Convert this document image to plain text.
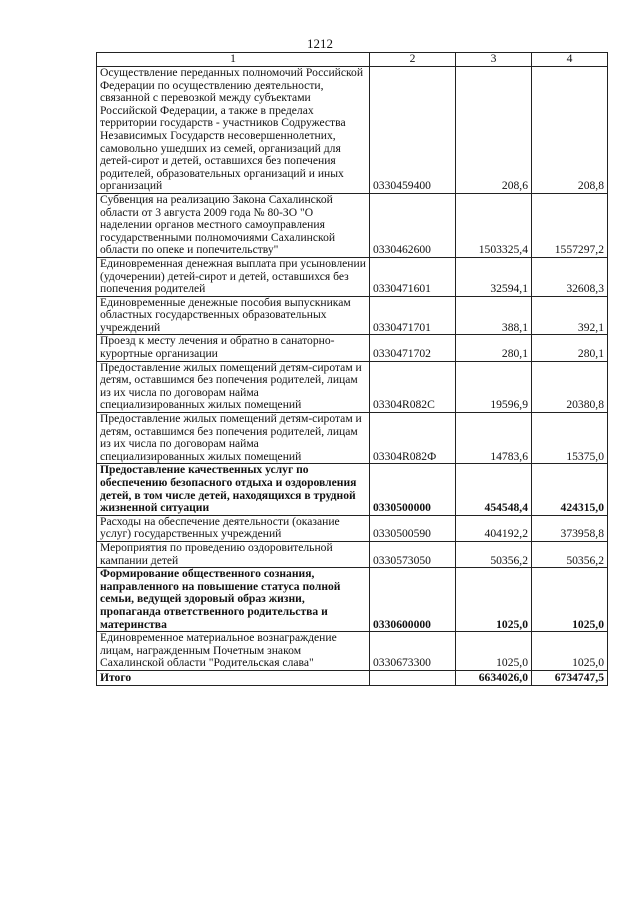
1212
1	2	3	4
Осуществление переданных полномочий Российской Федерации по осуществлению деятельности, связанной с перевозкой между субъектами Российской Федерации, а также в пределах территории государств - участников Содружества Независимых Государств несовершеннолетних, самовольно ушедших из семей, организаций для детей-сирот и детей, оставшихся без попечения родителей, образовательных организаций и иных организаций	0330459400	208,6	208,8
Субвенция на реализацию Закона Сахалинской области от 3 августа 2009 года № 80-ЗО "О наделении органов местного самоуправления государственными полномочиями Сахалинской области по опеке и попечительству"	0330462600	1503325,4	1557297,2
Единовременная денежная выплата при усыновлении (удочерении) детей-сирот и детей, оставшихся без попечения родителей	0330471601	32594,1	32608,3
Единовременные денежные пособия выпускникам областных государственных образовательных учреждений	0330471701	388,1	392,1
Проезд к месту лечения и обратно в санаторно-курортные организации	0330471702	280,1	280,1
Предоставление жилых помещений детям-сиротам и детям, оставшимся без попечения родителей, лицам из их числа по договорам найма специализированных жилых помещений	03304R082C	19596,9	20380,8
Предоставление жилых помещений детям-сиротам и детям, оставшимся без попечения родителей, лицам из их числа по договорам найма специализированных жилых помещений	03304R082Ф	14783,6	15375,0
Предоставление качественных услуг по обеспечению безопасного отдыха и оздоровления детей, в том числе детей, находящихся в трудной жизненной ситуации	0330500000	454548,4	424315,0
Расходы на обеспечение деятельности (оказание услуг) государственных учреждений	0330500590	404192,2	373958,8
Мероприятия по проведению оздоровительной кампании детей	0330573050	50356,2	50356,2
Формирование общественного сознания, направленного на повышение статуса полной семьи, ведущей здоровый образ жизни, пропаганда ответственного родительства и материнства	0330600000	1025,0	1025,0
Единовременное материальное вознаграждение лицам, награжденным Почетным знаком Сахалинской области "Родительская слава"	0330673300	1025,0	1025,0
Итого		6634026,0	6734747,5
